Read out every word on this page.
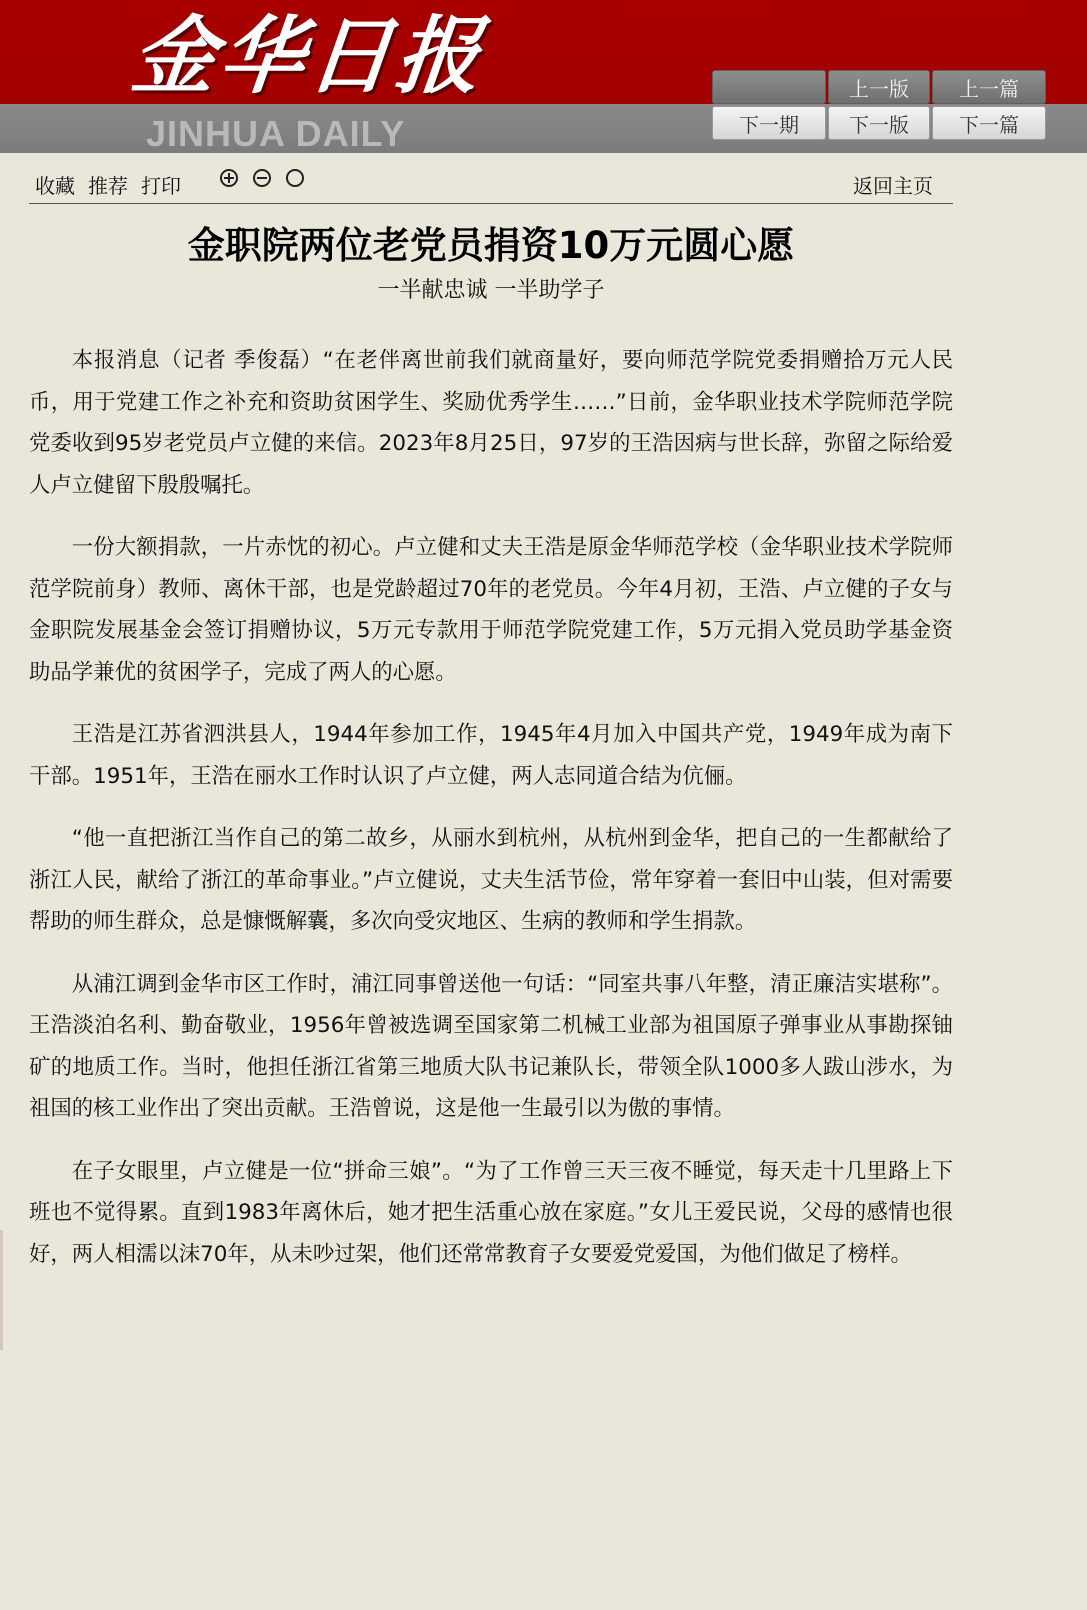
金华日报
JINHUA DAILY
上一版	上一篇
下一期	下一版	下一篇
收藏 推荐 打印	返回主页
金职院两位老党员捐资10万元圆心愿
一半献忠诚 一半助学子

本报消息（记者 季俊磊）“在老伴离世前我们就商量好，要向师范学院党委捐赠拾万元人民币，用于党建工作之补充和资助贫困学生、奖励优秀学生……”日前，金华职业技术学院师范学院党委收到95岁老党员卢立健的来信。2023年8月25日，97岁的王浩因病与世长辞，弥留之际给爱人卢立健留下殷殷嘱托。

一份大额捐款，一片赤忱的初心。卢立健和丈夫王浩是原金华师范学校（金华职业技术学院师范学院前身）教师、离休干部，也是党龄超过70年的老党员。今年4月初，王浩、卢立健的子女与金职院发展基金会签订捐赠协议，5万元专款用于师范学院党建工作，5万元捐入党员助学基金资助品学兼优的贫困学子，完成了两人的心愿。

王浩是江苏省泗洪县人，1944年参加工作，1945年4月加入中国共产党，1949年成为南下干部。1951年，王浩在丽水工作时认识了卢立健，两人志同道合结为伉俪。

“他一直把浙江当作自己的第二故乡，从丽水到杭州，从杭州到金华，把自己的一生都献给了浙江人民，献给了浙江的革命事业。”卢立健说，丈夫生活节俭，常年穿着一套旧中山装，但对需要帮助的师生群众，总是慷慨解囊，多次向受灾地区、生病的教师和学生捐款。

从浦江调到金华市区工作时，浦江同事曾送他一句话：“同室共事八年整，清正廉洁实堪称”。王浩淡泊名利、勤奋敬业，1956年曾被选调至国家第二机械工业部为祖国原子弹事业从事勘探铀矿的地质工作。当时，他担任浙江省第三地质大队书记兼队长，带领全队1000多人跋山涉水，为祖国的核工业作出了突出贡献。王浩曾说，这是他一生最引以为傲的事情。

在子女眼里，卢立健是一位“拼命三娘”。“为了工作曾三天三夜不睡觉，每天走十几里路上下班也不觉得累。直到1983年离休后，她才把生活重心放在家庭。”女儿王爱民说，父母的感情也很好，两人相濡以沫70年，从未吵过架，他们还常常教育子女要爱党爱国，为他们做足了榜样。
